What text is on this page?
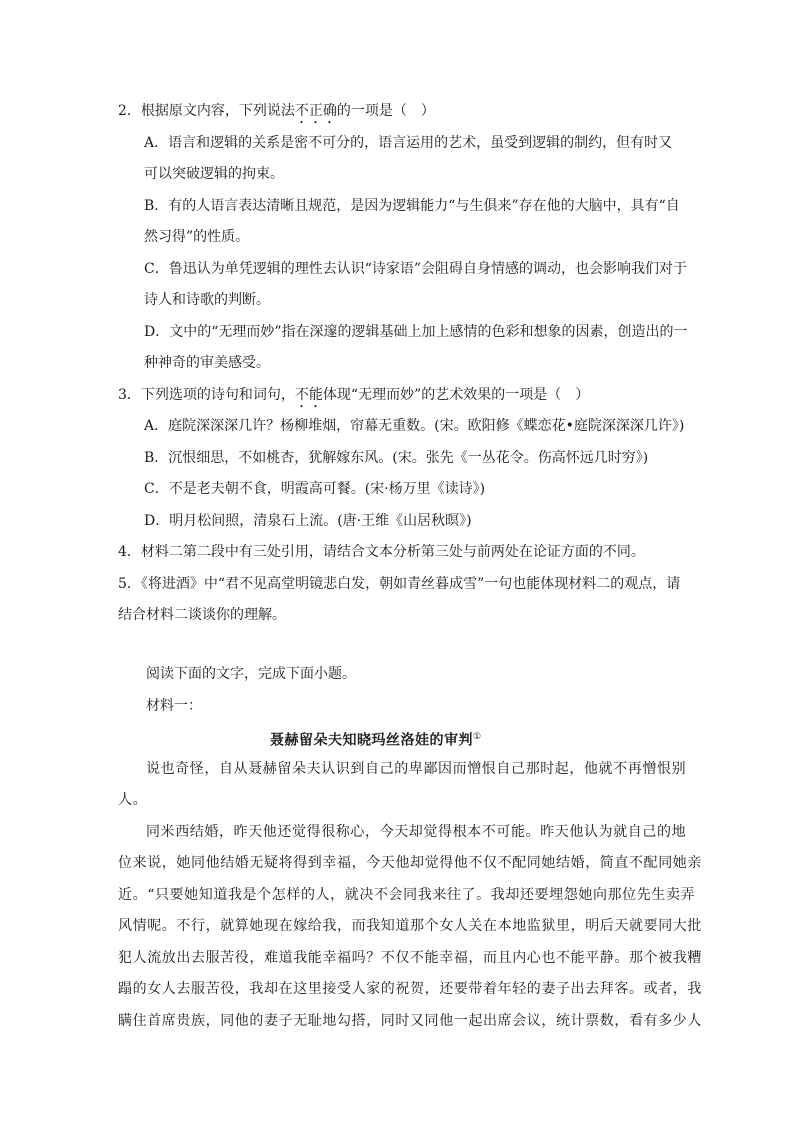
2．根据原文内容，下列说法不正确的一项是（　）
A．语言和逻辑的关系是密不可分的，语言运用的艺术，虽受到逻辑的制约，但有时又
可以突破逻辑的拘束。
B．有的人语言表达清晰且规范，是因为逻辑能力“与生俱来”存在他的大脑中，具有“自
然习得”的性质。
C．鲁迅认为单凭逻辑的理性去认识“诗家语”会阻碍自身情感的调动，也会影响我们对于
诗人和诗歌的判断。
D．文中的“无理而妙”指在深邃的逻辑基础上加上感情的色彩和想象的因素，创造出的一
种神奇的审美感受。
3．下列选项的诗句和词句，不能体现“无理而妙”的艺术效果的一项是（　）
A．庭院深深深几许？杨柳堆烟，帘幕无重数。(宋。欧阳修《蝶恋花•庭院深深深几许》)
B．沉恨细思，不如桃杏，犹解嫁东风。(宋。张先《一丛花令。伤高怀远几时穷》)
C．不是老夫朝不食，明霞高可餐。(宋·杨万里《读诗》)
D．明月松间照，清泉石上流。(唐·王维《山居秋暝》)
4．材料二第二段中有三处引用，请结合文本分析第三处与前两处在论证方面的不同。
5．《将进酒》中“君不见高堂明镜悲白发，朝如青丝暮成雪”一句也能体现材料二的观点，请
结合材料二谈谈你的理解。
阅读下面的文字，完成下面小题。
材料一：
聂赫留朵夫知晓玛丝洛娃的审判①
说也奇怪，自从聂赫留朵夫认识到自己的卑鄙因而憎恨自己那时起，他就不再憎恨别
人。
同米西结婚，昨天他还觉得很称心，今天却觉得根本不可能。昨天他认为就自己的地
位来说，她同他结婚无疑将得到幸福，今天他却觉得他不仅不配同她结婚，简直不配同她亲
近。“只要她知道我是个怎样的人，就决不会同我来往了。我却还要埋怨她向那位先生卖弄
风情呢。不行，就算她现在嫁给我，而我知道那个女人关在本地监狱里，明后天就要同大批
犯人流放出去服苦役，难道我能幸福吗？不仅不能幸福，而且内心也不能平静。那个被我糟
蹋的女人去服苦役，我却在这里接受人家的祝贺，还要带着年轻的妻子出去拜客。或者，我
瞒住首席贵族，同他的妻子无耻地勾搭，同时又同他一起出席会议，统计票数，看有多少人
